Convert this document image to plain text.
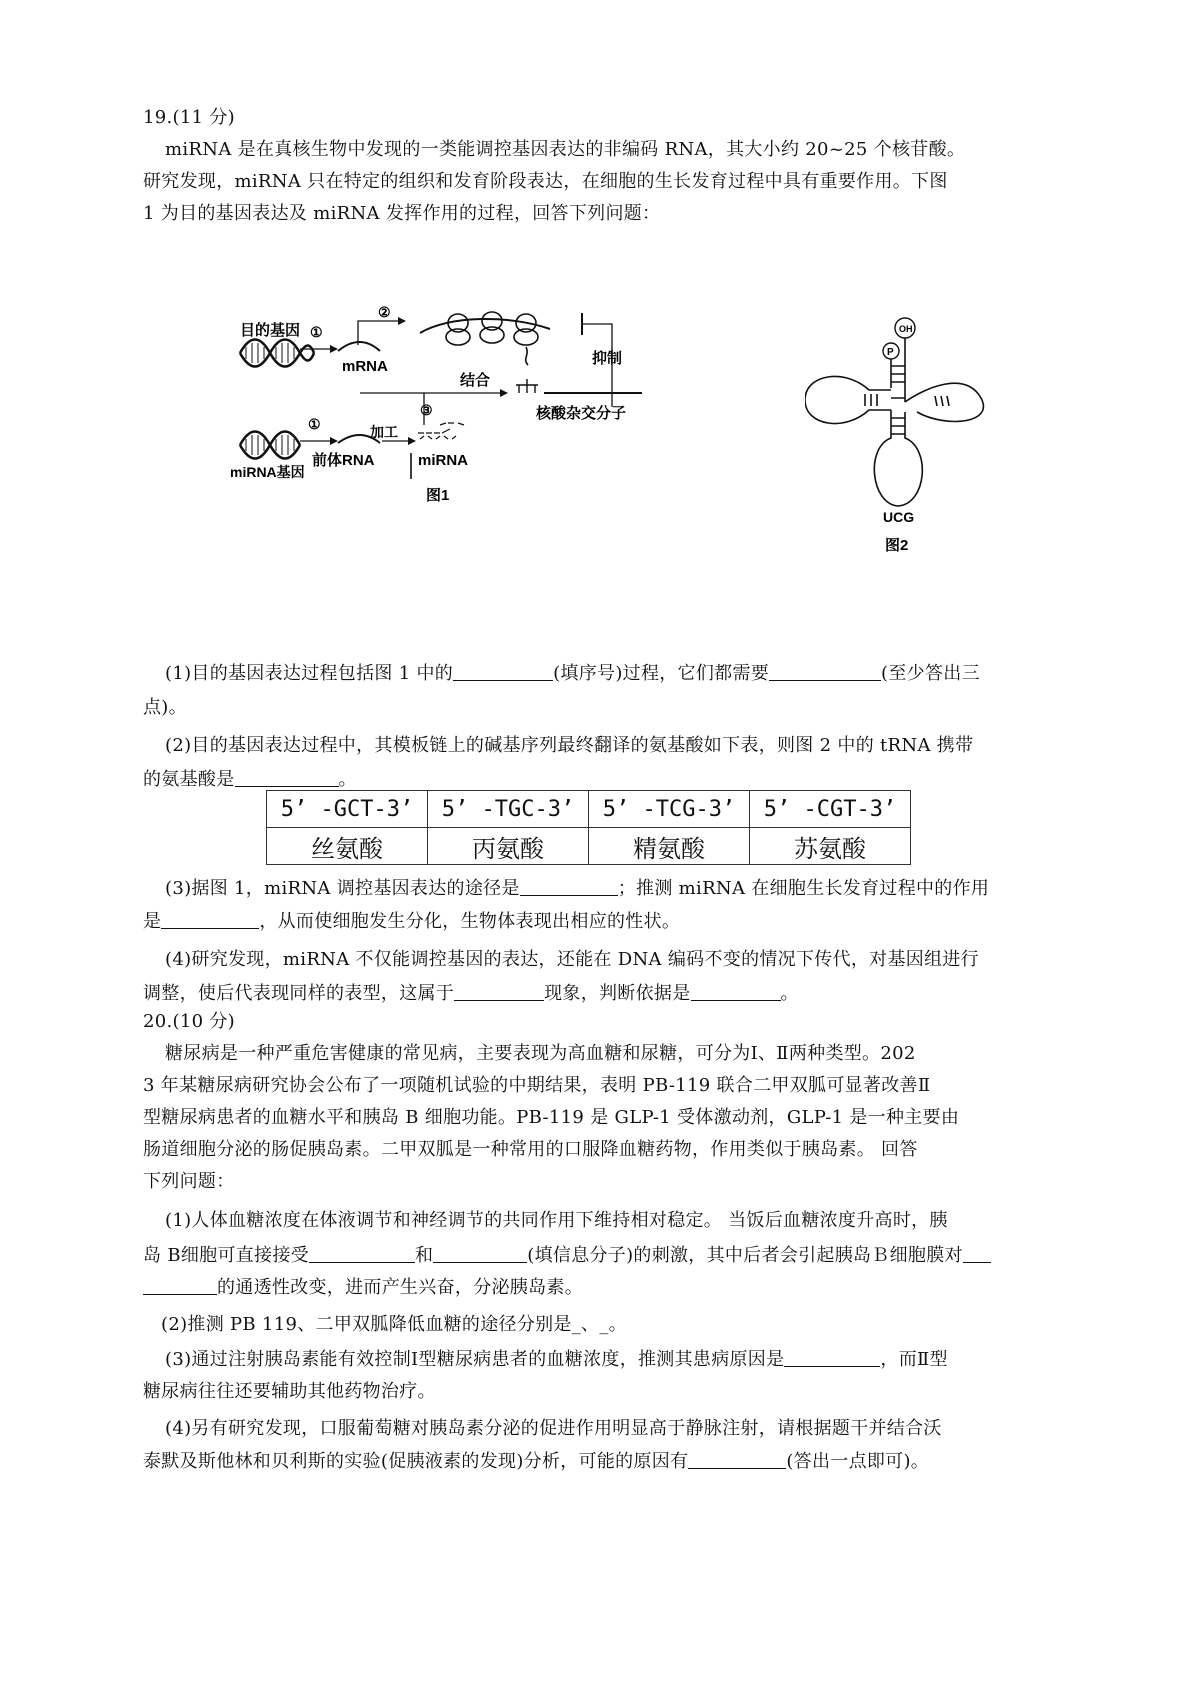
19.(11 分)
miRNA 是在真核生物中发现的一类能调控基因表达的非编码 RNA，其大小约 20~25 个核苷酸。
研究发现，miRNA 只在特定的组织和发育阶段表达，在细胞的生长发育过程中具有重要作用。下图
1 为目的基因表达及 miRNA 发挥作用的过程，回答下列问题：
目的基因 ①
mRNA
②
抑制
结合
核酸杂交分子
③
miRNA基因
①
前体RNA
加工
miRNA
图1
OH
P
UCG
图2
(1)目的基因表达过程包括图 1 中的	(填序号)过程，它们都需要	(至少答出三
点)。
(2)目的基因表达过程中，其模板链上的碱基序列最终翻译的氨基酸如下表，则图 2 中的 tRNA 携带
的氨基酸是	。
5’ -GCT-3’	5’ -TGC-3’	5’ -TCG-3’	5’ -CGT-3’
丝氨酸	丙氨酸	精氨酸	苏氨酸
(3)据图 1，miRNA 调控基因表达的途径是	；推测 miRNA 在细胞生长发育过程中的作用
是	，从而使细胞发生分化，生物体表现出相应的性状。
(4)研究发现，miRNA 不仅能调控基因的表达，还能在 DNA 编码不变的情况下传代，对基因组进行
调整，使后代表现同样的表型，这属于	现象，判断依据是	。
20.(10 分)
糖尿病是一种严重危害健康的常见病，主要表现为高血糖和尿糖，可分为Ⅰ、Ⅱ两种类型。202
3 年某糖尿病研究协会公布了一项随机试验的中期结果，表明 PB-119 联合二甲双胍可显著改善Ⅱ
型糖尿病患者的血糖水平和胰岛 B 细胞功能。PB-119 是 GLP-1 受体激动剂，GLP-1 是一种主要由
肠道细胞分泌的肠促胰岛素。二甲双胍是一种常用的口服降血糖药物，作用类似于胰岛素。 回答
下列问题：
(1)人体血糖浓度在体液调节和神经调节的共同作用下维持相对稳定。 当饭后血糖浓度升高时，胰
岛 B细胞可直接接受	和	(填信息分子)的刺激，其中后者会引起胰岛Ｂ细胞膜对
的通透性改变，进而产生兴奋，分泌胰岛素。
(2)推测 PB 119、二甲双胍降低血糖的途径分别是_、_。
(3)通过注射胰岛素能有效控制Ⅰ型糖尿病患者的血糖浓度，推测其患病原因是	，而Ⅱ型
糖尿病往往还要辅助其他药物治疗。
(4)另有研究发现，口服葡萄糖对胰岛素分泌的促进作用明显高于静脉注射，请根据题干并结合沃
泰默及斯他林和贝利斯的实验(促胰液素的发现)分析，可能的原因有	(答出一点即可)。
